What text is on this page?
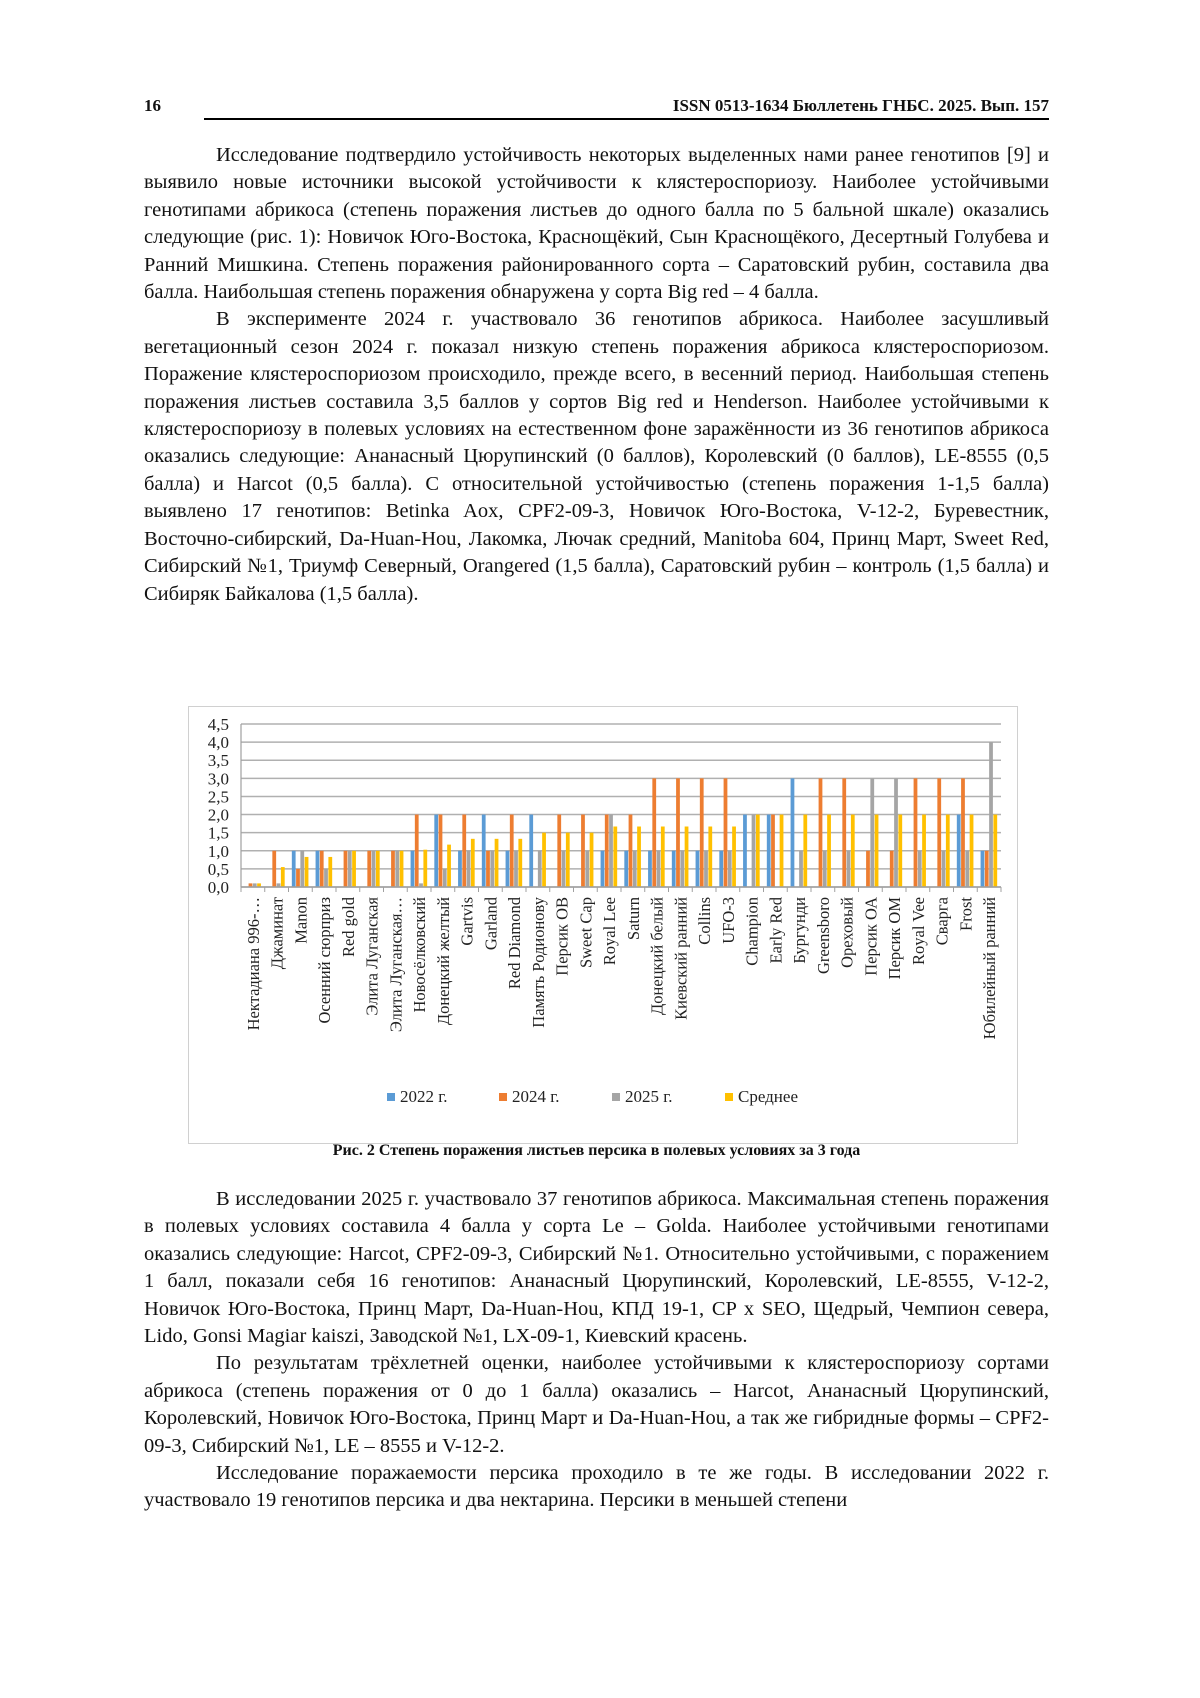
16	ISSN 0513-1634 Бюллетень ГНБС. 2025. Вып. 157

Исследование подтвердило устойчивость некоторых выделенных нами ранее генотипов [9] и выявило новые источники высокой устойчивости к клястероспориозу. Наиболее устойчивыми генотипами абрикоса (степень поражения листьев до одного балла по 5 бальной шкале) оказались следующие (рис. 1): Новичок Юго-Востока, Краснощёкий, Сын Краснощёкого, Десертный Голубева и Ранний Мишкина. Степень поражения районированного сорта – Саратовский рубин, составила два балла. Наибольшая степень поражения обнаружена у сорта Big red – 4 балла.

В эксперименте 2024 г. участвовало 36 генотипов абрикоса. Наиболее засушливый вегетационный сезон 2024 г. показал низкую степень поражения абрикоса клястероспориозом. Поражение клястероспориозом происходило, прежде всего, в весенний период. Наибольшая степень поражения листьев составила 3,5 баллов у сортов Big red и Henderson. Наиболее устойчивыми к клястероспориозу в полевых условиях на естественном фоне заражённости из 36 генотипов абрикоса оказались следующие: Ананасный Цюрупинский (0 баллов), Королевский (0 баллов), LE-8555 (0,5 балла) и Harcot (0,5 балла). С относительной устойчивостью (степень поражения 1-1,5 балла) выявлено 17 генотипов: Betinka Aox, CPF2-09-3, Новичок Юго-Востока, V-12-2, Буревестник, Восточно-сибирский, Da-Huan-Hou, Лакомка, Лючак средний, Manitoba 604, Принц Март, Sweet Red, Сибирский №1, Триумф Северный, Orangered (1,5 балла), Саратовский рубин – контроль (1,5 балла) и Сибиряк Байкалова (1,5 балла).

0,0
0,5
1,0
1,5
2,0
2,5
3,0
3,5
4,0
4,5
Нектадиана 996-… Джаминат Manon Осенний сюрприз Red gold Элита Луганская Элита Луганская… Новосёлковский Донецкий желтый Gartvis Garland Red Diamond Память Родионову Персик ОВ Sweet Cap Royal Lee Saturn Донецкий белый Киевский ранний Collins UFO-3 Champion Early Red Бургунди Greensboro Ореховый Персик ОА Персик ОМ Royal Vee Сварга Frost Юбилейный ранний
2022 г.	2024 г.	2025 г.	Среднее
Рис. 2 Степень поражения листьев персика в полевых условиях за 3 года

В исследовании 2025 г. участвовало 37 генотипов абрикоса. Максимальная степень поражения в полевых условиях составила 4 балла у сорта Le – Golda. Наиболее устойчивыми генотипами оказались следующие: Harcot, CPF2-09-3, Сибирский №1. Относительно устойчивыми, с поражением 1 балл, показали себя 16 генотипов: Ананасный Цюрупинский, Королевский, LE-8555, V-12-2, Новичок Юго-Востока, Принц Март, Da-Huan-Hou, КПД 19-1, CP x SEO, Щедрый, Чемпион севера, Lido, Gonsi Magiar kaiszi, Заводской №1, LX-09-1, Киевский красень.

По результатам трёхлетней оценки, наиболее устойчивыми к клястероспориозу сортами абрикоса (степень поражения от 0 до 1 балла) оказались – Harcot, Ананасный Цюрупинский, Королевский, Новичок Юго-Востока, Принц Март и Da-Huan-Hou, а так же гибридные формы – CPF2-09-3, Сибирский №1, LE – 8555 и V-12-2.

Исследование поражаемости персика проходило в те же годы. В исследовании 2022 г. участвовало 19 генотипов персика и два нектарина. Персики в меньшей степени
